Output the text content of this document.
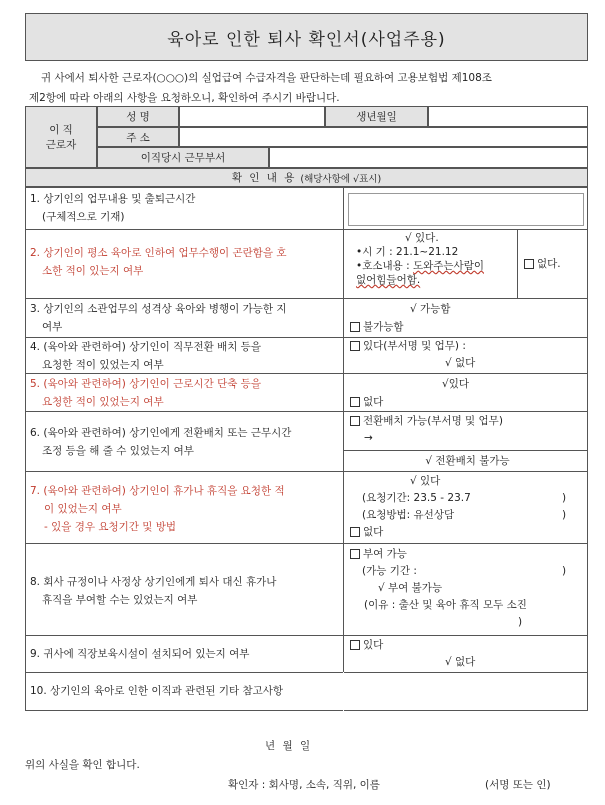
육아로 인한 퇴사 확인서(사업주용)
귀 사에서 퇴사한 근로자(○○○)의 실업급여 수급자격을 판단하는데 필요하여 고용보험법 제108조
제2항에 따라 아래의 사항을 요청하오니, 확인하여 주시기 바랍니다.
이 직
근로자
성 명	생년월일
주 소
이직당시 근무부서
확 인 내 용 (해당사항에 √표시)
1. 상기인의 업무내용 및 출퇴근시간
(구체적으로 기재)
2. 상기인이 평소 육아로 인하여 업무수행이 곤란함을 호
소한 적이 있는지 여부
√ 있다.
•시 기 : 21.1~21.12
•호소내용 : 도와주는사람이
없어힘들어함.
없다.
3. 상기인의 소관업무의 성격상 육아와 병행이 가능한 지
여부
√ 가능함
불가능함
4. (육아와 관련하여) 상기인이 직무전환 배치 등을
요청한 적이 있었는지 여부
있다(부서명 및 업무) :
√ 없다
5. (육아와 관련하여) 상기인이 근로시간 단축 등을
요청한 적이 있었는지 여부
√있다
없다
6. (육아와 관련하여) 상기인에게 전환배치 또는 근무시간
조정 등을 해 줄 수 있었는지 여부
전환배치 가능(부서명 및 업무)
→
√ 전환배치 불가능
7. (육아와 관련하여) 상기인이 휴가나 휴직을 요청한 적
이 있었는지 여부
- 있을 경우 요청기간 및 방법
√ 있다
(요청기간: 23.5 - 23.7	)
(요청방법: 유선상담	)
없다
8. 회사 규정이나 사정상 상기인에게 퇴사 대신 휴가나
휴직을 부여할 수는 있었는지 여부
부여 가능
(가능 기간 :	)
√ 부여 불가능
(이유 : 출산 및 육아 휴직 모두 소진
)
9. 귀사에 직장보육시설이 설치되어 있는지 여부
있다
√ 없다
10. 상기인의 육아로 인한 이직과 관련된 기타 참고사항
년 월 일
위의 사실을 확인 합니다.
확인자 : 회사명, 소속, 직위, 이름	(서명 또는 인)
